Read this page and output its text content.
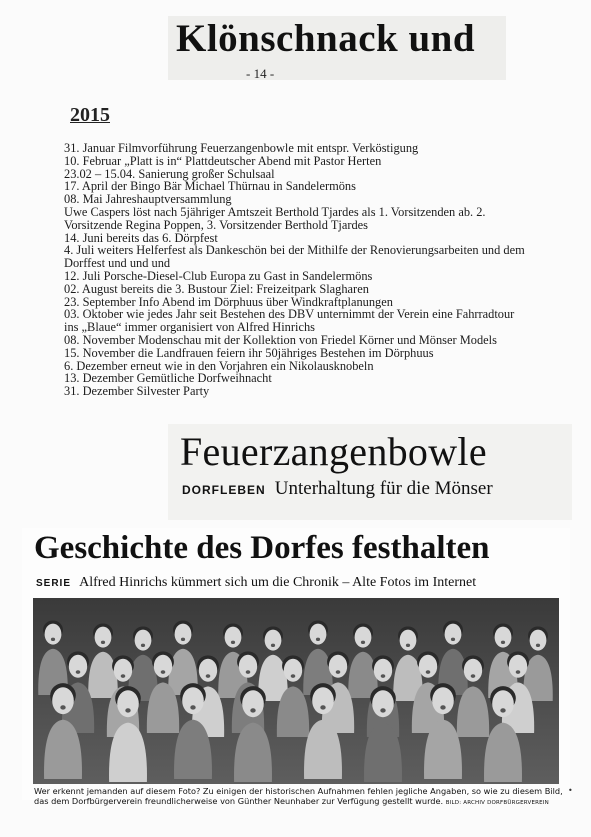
Klönschnack und
- 14 -
2015
31. Januar Filmvorführung Feuerzangenbowle mit entspr. Verköstigung
10. Februar „Platt is in“ Plattdeutscher Abend mit Pastor Herten
23.02 – 15.04. Sanierung großer Schulsaal
17. April der Bingo Bär Michael Thürnau in Sandelermöns
08. Mai Jahreshauptversammlung
Uwe Caspers löst nach 5jähriger Amtszeit Berthold Tjardes als 1. Vorsitzenden ab. 2.
Vorsitzende Regina Poppen, 3. Vorsitzender Berthold Tjardes
14. Juni bereits das 6. Dörpfest
4. Juli weiters Helferfest als Dankeschön bei der Mithilfe der Renovierungsarbeiten und dem
Dorffest und und und
12. Juli Porsche-Diesel-Club Europa zu Gast in Sandelermöns
02. August bereits die 3. Bustour Ziel: Freizeitpark Slagharen
23. September Info Abend im Dörphuus über Windkraftplanungen
03. Oktober wie jedes Jahr seit Bestehen des DBV unternimmt der Verein eine Fahrradtour
ins „Blaue“ immer organisiert von Alfred Hinrichs
08. November Modenschau mit der Kollektion von Friedel Körner und Mönser Models
15. November die Landfrauen feiern ihr 50jähriges Bestehen im Dörphuus
6. Dezember erneut wie in den Vorjahren ein Nikolausknobeln
13. Dezember Gemütliche Dorfweihnacht
31. Dezember Silvester Party
Feuerzangenbowle
DORFLEBEN Unterhaltung für die Mönser
Geschichte des Dorfes festhalten
SERIE Alfred Hinrichs kümmert sich um die Chronik – Alte Fotos im Internet
Wer erkennt jemanden auf diesem Foto? Zu einigen der historischen Aufnahmen fehlen jegliche Angaben, so wie zu diesem Bild, das dem Dorfbürgerverein freundlicherweise von Günther Neunhaber zur Verfügung gestellt wurde. BILD: ARCHIV DORFBÜRGERVEREIN
•
